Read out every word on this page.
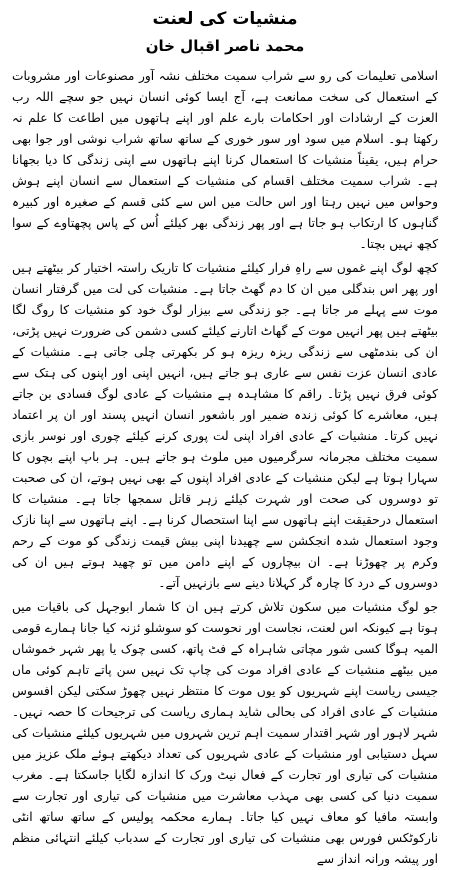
منشیات کی لعنت
محمد ناصر اقبال خان

اسلامی تعلیمات کی رو سے شراب سمیت مختلف نشہ آور مصنوعات اور مشروبات کے استعمال کی سخت ممانعت ہے، آج ایسا کوئی انسان نہیں جو سچے اللہ رب العزت کے ارشادات اور احکامات بارے علم اور اپنے ہاتھوں میں اطاعت کا علم نہ رکھتا ہو۔ اسلام میں سود اور سور خوری کے ساتھ ساتھ شراب نوشی اور جوا بھی حرام ہیں، یقیناً منشیات کا استعمال کرنا اپنے ہاتھوں سے اپنی زندگی کا دیا بجھانا ہے۔ شراب سمیت مختلف اقسام کی منشیات کے استعمال سے انسان اپنے ہوش وحواس میں نہیں رہتا اور اس حالت میں اس سے کئی قسم کے صغیرہ اور کبیرہ گناہوں کا ارتکاب ہو جاتا ہے اور پھر زندگی بھر کیلئے اُس کے پاس پچھتاوے کے سوا کچھ نہیں بچتا۔

کچھ لوگ اپنے غموں سے راہِ فرار کیلئے منشیات کا تاریک راستہ اختیار کر بیٹھتے ہیں اور پھر اس بندگلی میں ان کا دم گھٹ جاتا ہے۔ منشیات کی لت میں گرفتار انسان موت سے پہلے مر جاتا ہے۔ جو زندگی سے بیزار لوگ خود کو منشیات کا روگ لگا بیٹھتے ہیں پھر انہیں موت کے گھاٹ اتارنے کیلئے کسی دشمن کی ضرورت نہیں پڑتی، ان کی بندمٹھی سے زندگی ریزہ ریزہ ہو کر بکھرتی چلی جاتی ہے۔ منشیات کے عادی انسان عزت نفس سے عاری ہو جاتے ہیں، انہیں اپنی اور اپنوں کی ہتک سے کوئی فرق نہیں پڑتا۔ راقم کا مشاہدہ ہے منشیات کے عادی لوگ فسادی بن جاتے ہیں، معاشرے کا کوئی زندہ ضمیر اور باشعور انسان انہیں پسند اور ان پر اعتماد نہیں کرتا۔ منشیات کے عادی افراد اپنی لت پوری کرنے کیلئے چوری اور نوسر بازی سمیت مختلف مجرمانہ سرگرمیوں میں ملوث ہو جاتے ہیں۔ ہر باپ اپنے بچوں کا سہارا ہوتا ہے لیکن منشیات کے عادی افراد اپنوں کے بھی نہیں ہوتے، ان کی صحبت تو دوسروں کی صحت اور شہرت کیلئے زہر قاتل سمجھا جاتا ہے۔ منشیات کا استعمال درحقیقت اپنے ہاتھوں سے اپنا استحصال کرنا ہے۔ اپنے ہاتھوں سے اپنا نازک وجود استعمال شدہ انجکشن سے چھیدنا اپنی بیش قیمت زندگی کو موت کے رحم وکرم پر چھوڑنا ہے۔ ان بیچاروں کے اپنے دامن میں تو چھید ہوتے ہیں ان کی دوسروں کے درد کا چارہ گر کہلانا دینے سے بازنہیں آتے۔

جو لوگ منشیات میں سکون تلاش کرتے ہیں ان کا شمار ابوجہل کی باقیات میں ہوتا ہے کیونکہ اس لعنت، نجاست اور نحوست کو سوشلو ئزنہ کیا جانا ہمارے قومی المیہ ہوگا کسی شور مچاتی شاہراہ کے فٹ پاتھ، کسی چوک یا پھر شہر خموشاں میں بیٹھے منشیات کے عادی افراد موت کی چاپ تک نہیں سن پاتے تاہم کوئی ماں جیسی ریاست اپنے شہریوں کو یوں موت کا منتظر نہیں چھوڑ سکتی لیکن افسوس منشیات کے عادی افراد کی بحالی شاید ہماری ریاست کی ترجیحات کا حصہ نہیں۔ شہر لاہور اور شہر اقتدار سمیت اہم ترین شہروں میں شہریوں کیلئے منشیات کی سہل دستیابی اور منشیات کے عادی شہریوں کی تعداد دیکھتے ہوئے ملک عزیز میں منشیات کی تیاری اور تجارت کے فعال نیٹ ورک کا اندازہ لگایا جاسکتا ہے۔ مغرب سمیت دنیا کی کسی بھی مہذب معاشرت میں منشیات کی تیاری اور تجارت سے وابستہ مافیا کو معاف نہیں کیا جاتا۔ ہمارے محکمہ پولیس کے ساتھ ساتھ انٹی نارکوٹکس فورس بھی منشیات کی تیاری اور تجارت کے سدباب کیلئے انتہائی منظم اور پیشہ ورانہ انداز سے
